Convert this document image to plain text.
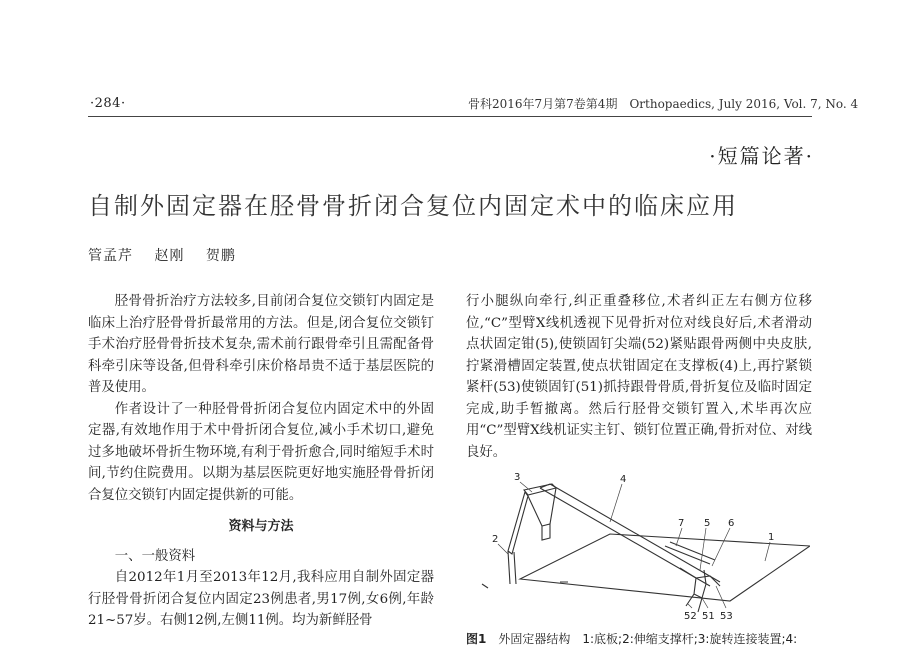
·284·	骨科2016年7月第7卷第4期　Orthopaedics, July 2016, Vol. 7, No. 4
·短篇论著·
自制外固定器在胫骨骨折闭合复位内固定术中的临床应用
管孟芹 赵刚 贺鹏

胫骨骨折治疗方法较多,目前闭合复位交锁钉内固定是临床上治疗胫骨骨折最常用的方法。但是,闭合复位交锁钉手术治疗胫骨骨折技术复杂,需术前行跟骨牵引且需配备骨科牵引床等设备,但骨科牵引床价格昂贵不适于基层医院的普及使用。

作者设计了一种胫骨骨折闭合复位内固定术中的外固定器,有效地作用于术中骨折闭合复位,减小手术切口,避免过多地破坏骨折生物环境,有利于骨折愈合,同时缩短手术时间,节约住院费用。以期为基层医院更好地实施胫骨骨折闭合复位交锁钉内固定提供新的可能。

资料与方法

一、一般资料

自2012年1月至2013年12月,我科应用自制外固定器行胫骨骨折闭合复位内固定23例患者,男17例,女6例,年龄21~57岁。右侧12例,左侧11例。均为新鲜胫骨

行小腿纵向牵行,纠正重叠移位,术者纠正左右侧方位移位,“C”型臂X线机透视下见骨折对位对线良好后,术者滑动点状固定钳(5),使锁固钉尖端(52)紧贴跟骨两侧中央皮肤,拧紧滑槽固定装置,使点状钳固定在支撑板(4)上,再拧紧锁紧杆(53)使锁固钉(51)抓持跟骨骨质,骨折复位及临时固定完成,助手暂撤离。然后行胫骨交锁钉置入,术毕再次应用“C”型臂X线机证实主钉、锁钉位置正确,骨折对位、对线良好。

1
2
3	4
5 6
7
52 51 53
图1 外固定器结构　1:底板;2:伸缩支撑杆;3:旋转连接装置;4:
